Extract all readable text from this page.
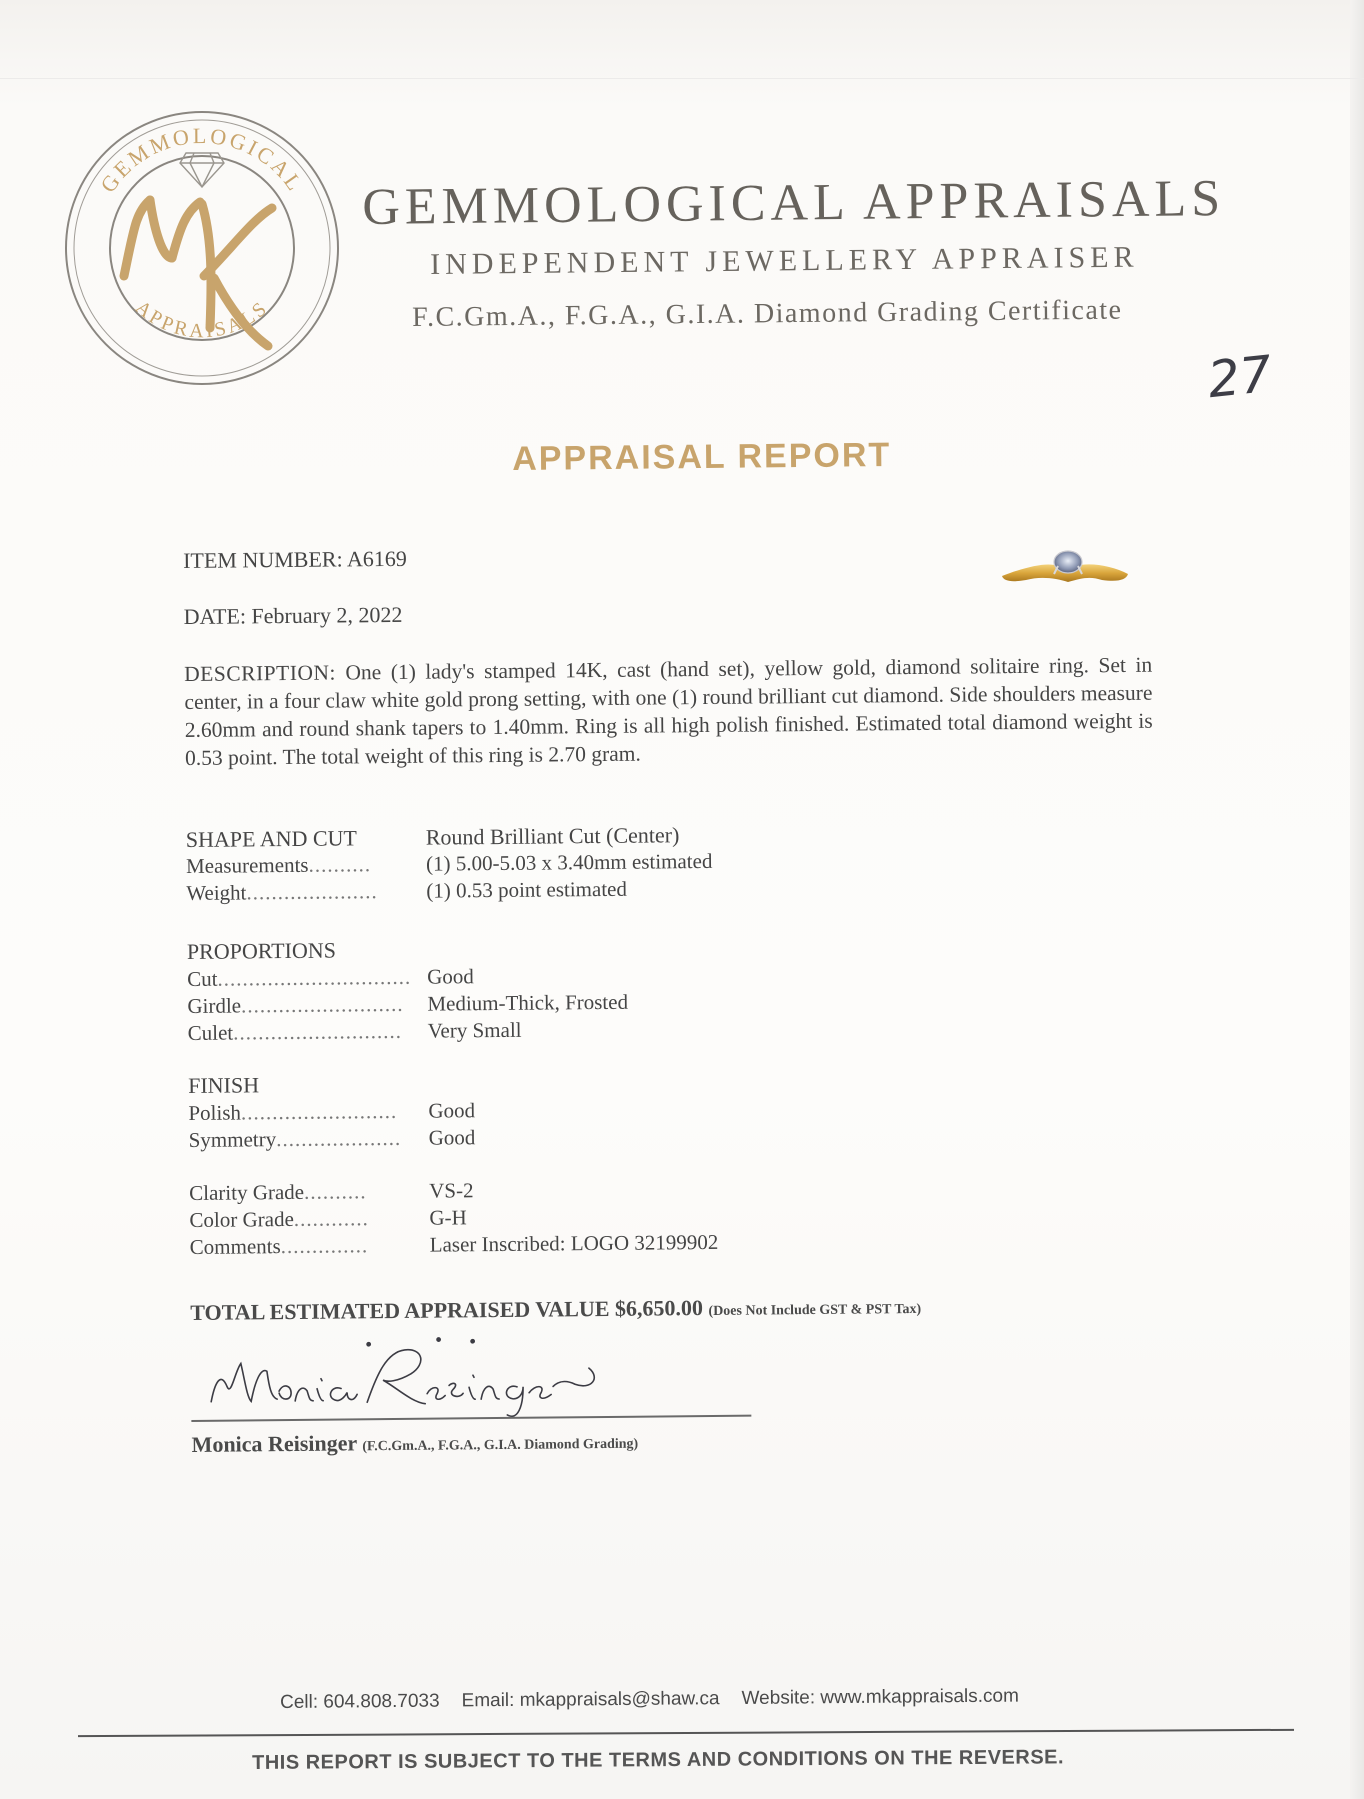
GEMMOLOGICAL
APPRAISALS
GEMMOLOGICAL APPRAISALS
INDEPENDENT JEWELLERY APPRAISER
F.C.Gm.A., F.G.A., G.I.A. Diamond Grading Certificate
27
APPRAISAL REPORT
ITEM NUMBER: A6169
DATE: February 2, 2022
DESCRIPTION: One (1) lady's stamped 14K, cast (hand set), yellow gold, diamond solitaire ring. Set in center, in a four claw white gold prong setting, with one (1) round brilliant cut diamond. Side shoulders measure 2.60mm and round shank tapers to 1.40mm. Ring is all high polish finished. Estimated total diamond weight is 0.53 point. The total weight of this ring is 2.70 gram.
SHAPE AND CUT	Round Brilliant Cut (Center)
Measurements..........	(1) 5.00-5.03 x 3.40mm estimated
Weight.....................	(1) 0.53 point estimated
PROPORTIONS
Cut............................... Good
Girdle..........................	Medium-Thick, Frosted
Culet...........................	Very Small
FINISH
Polish.........................	Good
Symmetry....................	Good
Clarity Grade..........	VS-2
Color Grade............	G-H
Comments..............	Laser Inscribed: LOGO 32199902
TOTAL ESTIMATED APPRAISED VALUE $6,650.00 (Does Not Include GST & PST Tax)
Monica Reisinger (F.C.Gm.A., F.G.A., G.I.A. Diamond Grading)
Cell: 604.808.7033 Email: mkappraisals@shaw.ca Website: www.mkappraisals.com
THIS REPORT IS SUBJECT TO THE TERMS AND CONDITIONS ON THE REVERSE.
